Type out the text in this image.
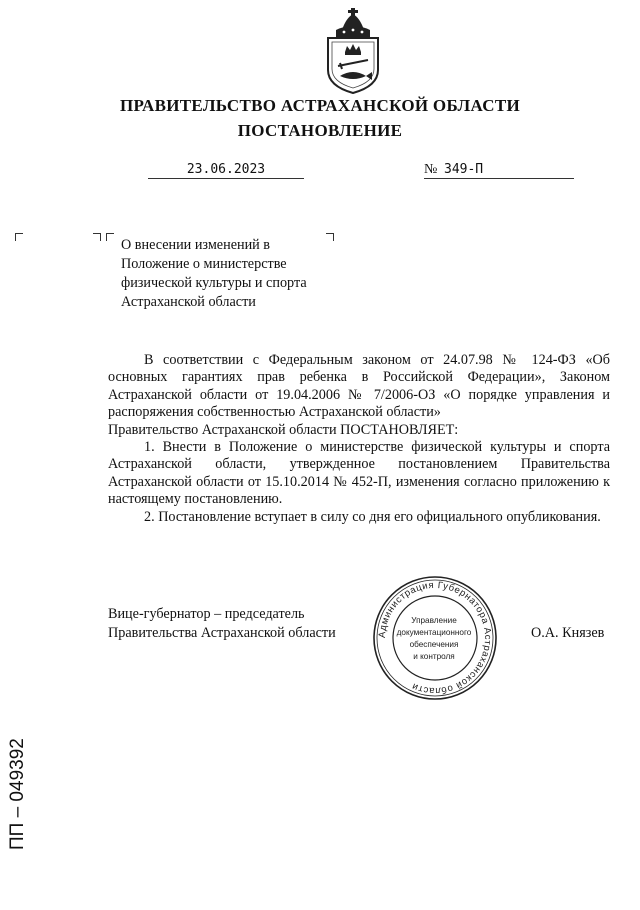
ПРАВИТЕЛЬСТВО АСТРАХАНСКОЙ ОБЛАСТИ
ПОСТАНОВЛЕНИЕ
23.06.2023	№ 349-П
О внесении изменений в Положение о министерстве физической культуры и спорта Астраханской области

В соответствии с Федеральным законом от 24.07.98 № 124-ФЗ «Об основных гарантиях прав ребенка в Российской Федерации», Законом Астраханской области от 19.04.2006 № 7/2006-ОЗ «О порядке управления и распоряжения собственностью Астраханской области»

Правительство Астраханской области ПОСТАНОВЛЯЕТ:

1. Внести в Положение о министерстве физической культуры и спорта Астраханской области, утвержденное постановлением Правительства Астраханской области от 15.10.2014 № 452-П, изменения согласно приложению к настоящему постановлению.

2. Постановление вступает в силу со дня его официального опубликования.

Вице-губернатор – председатель
Правительства Астраханской области	Администрация Губернатора Астраханской области
Управление
документационного
обеспечения
и контроля
О.А. Князев
ПП – 049392
